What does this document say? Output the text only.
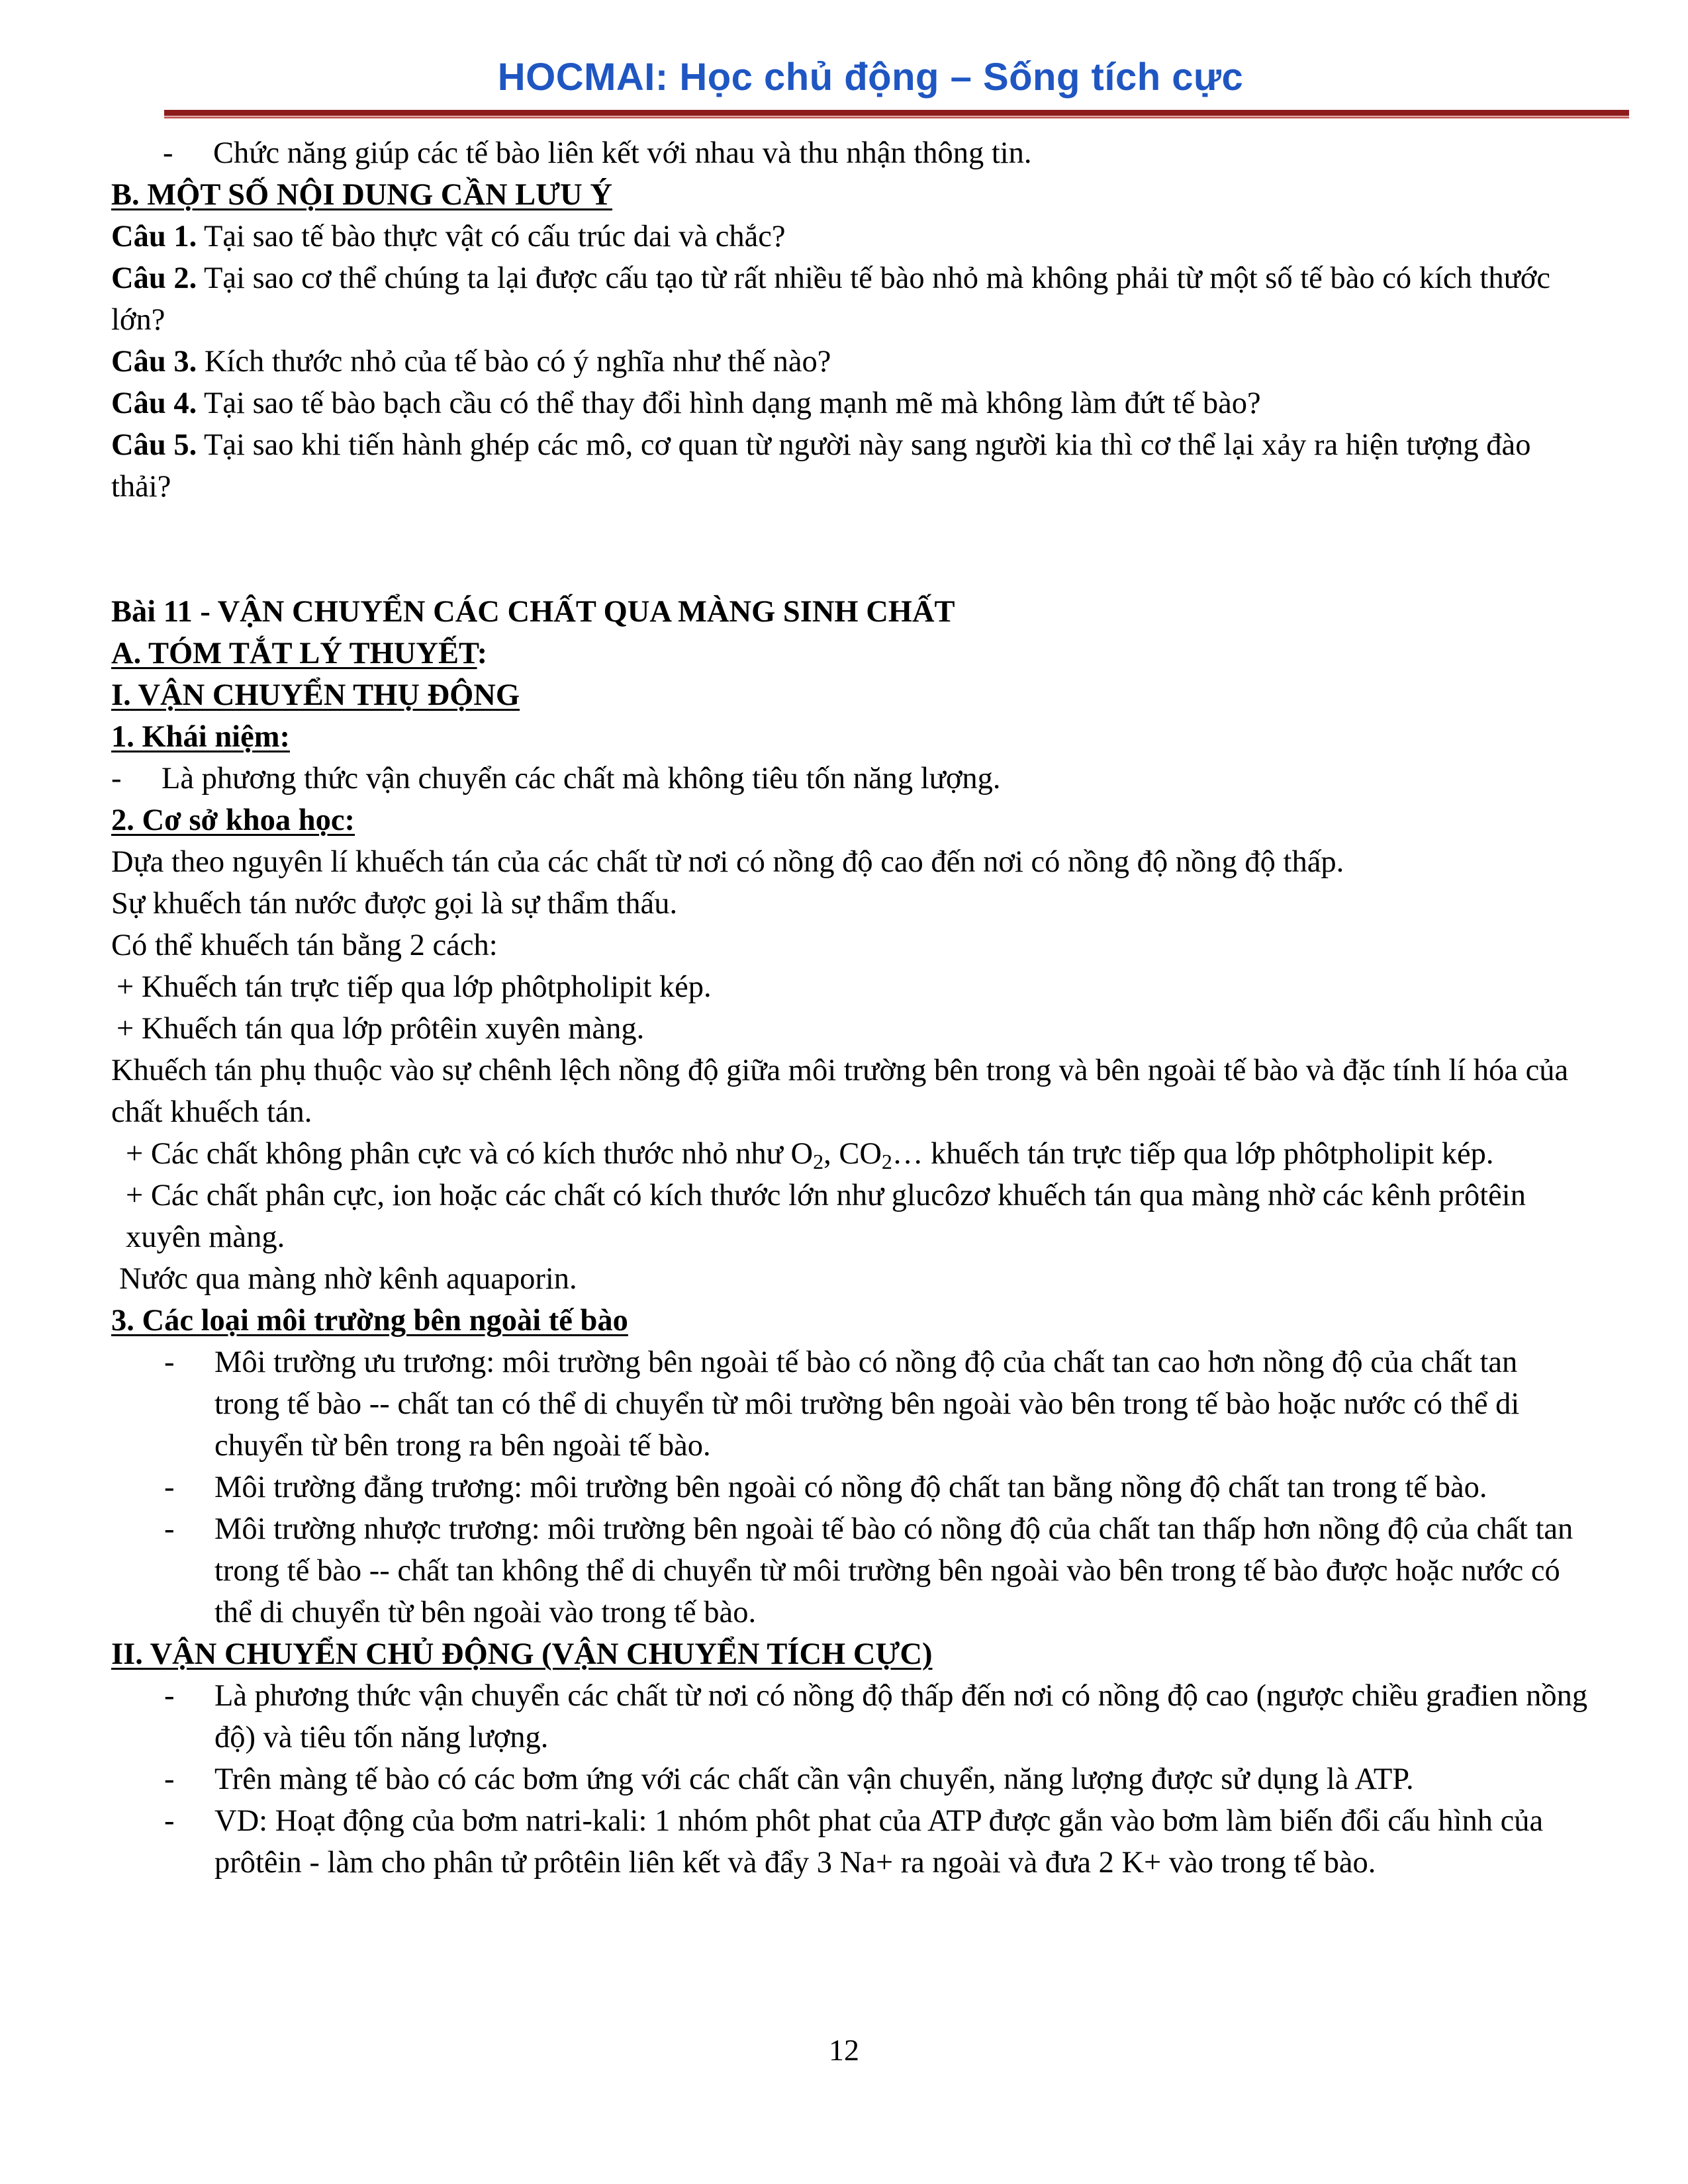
HOCMAI: Học chủ động – Sống tích cực
-	Chức năng giúp các tế bào liên kết với nhau và thu nhận thông tin.

B. MỘT SỐ NỘI DUNG CẦN LƯU Ý

Câu 1. Tại sao tế bào thực vật có cấu trúc dai và chắc?

Câu 2. Tại sao cơ thể chúng ta lại được cấu tạo từ rất nhiều tế bào nhỏ mà không phải từ một số tế bào có kích thước lớn?

Câu 3. Kích thước nhỏ của tế bào có ý nghĩa như thế nào?

Câu 4. Tại sao tế bào bạch cầu có thể thay đổi hình dạng mạnh mẽ mà không làm đứt tế bào?

Câu 5. Tại sao khi tiến hành ghép các mô, cơ quan từ người này sang người kia thì cơ thể lại xảy ra hiện tượng đào thải?

Bài 11 - VẬN CHUYỂN CÁC CHẤT QUA MÀNG SINH CHẤT

A. TÓM TẮT LÝ THUYẾT:

I. VẬN CHUYỂN THỤ ĐỘNG

1. Khái niệm:

-	Là phương thức vận chuyển các chất mà không tiêu tốn năng lượng.

2. Cơ sở khoa học:

Dựa theo nguyên lí khuếch tán của các chất từ nơi có nồng độ cao đến nơi có nồng độ nồng độ thấp.

Sự khuếch tán nước được gọi là sự thẩm thấu.

Có thể khuếch tán bằng 2 cách:

+ Khuếch tán trực tiếp qua lớp phôtpholipit kép.

+ Khuếch tán qua lớp prôtêin xuyên màng.

Khuếch tán phụ thuộc vào sự chênh lệch nồng độ giữa môi trường bên trong và bên ngoài tế bào và đặc tính lí hóa của chất khuếch tán.

+ Các chất không phân cực và có kích thước nhỏ như $O_2$, $CO_2\dots$ khuếch tán trực tiếp qua lớp phôtpholipit kép.

+ Các chất phân cực, ion hoặc các chất có kích thước lớn như glucôzơ khuếch tán qua màng nhờ các kênh prôtêin xuyên màng.

Nước qua màng nhờ kênh aquaporin.

3. Các loại môi trường bên ngoài tế bào

-	Môi trường ưu trương: môi trường bên ngoài tế bào có nồng độ của chất tan cao hơn nồng độ của chất tan trong tế bào -- chất tan có thể di chuyển từ môi trường bên ngoài vào bên trong tế bào hoặc nước có thể di chuyển từ bên trong ra bên ngoài tế bào.
-	Môi trường đẳng trương: môi trường bên ngoài có nồng độ chất tan bằng nồng độ chất tan trong tế bào.
-	Môi trường nhược trương: môi trường bên ngoài tế bào có nồng độ của chất tan thấp hơn nồng độ của chất tan trong tế bào -- chất tan không thể di chuyển từ môi trường bên ngoài vào bên trong tế bào được hoặc nước có thể di chuyển từ bên ngoài vào trong tế bào.

II. VẬN CHUYỂN CHỦ ĐỘNG (VẬN CHUYỂN TÍCH CỰC)

-	Là phương thức vận chuyển các chất từ nơi có nồng độ thấp đến nơi có nồng độ cao (ngược chiều građien nồng độ) và tiêu tốn năng lượng.
-	Trên màng tế bào có các bơm ứng với các chất cần vận chuyển, năng lượng được sử dụng là ATP.
-	VD: Hoạt động của bơm natri-kali: 1 nhóm phôt phat của ATP được gắn vào bơm làm biến đổi cấu hình của prôtêin - làm cho phân tử prôtêin liên kết và đẩy 3 Na+ ra ngoài và đưa 2 K+ vào trong tế bào.
12
